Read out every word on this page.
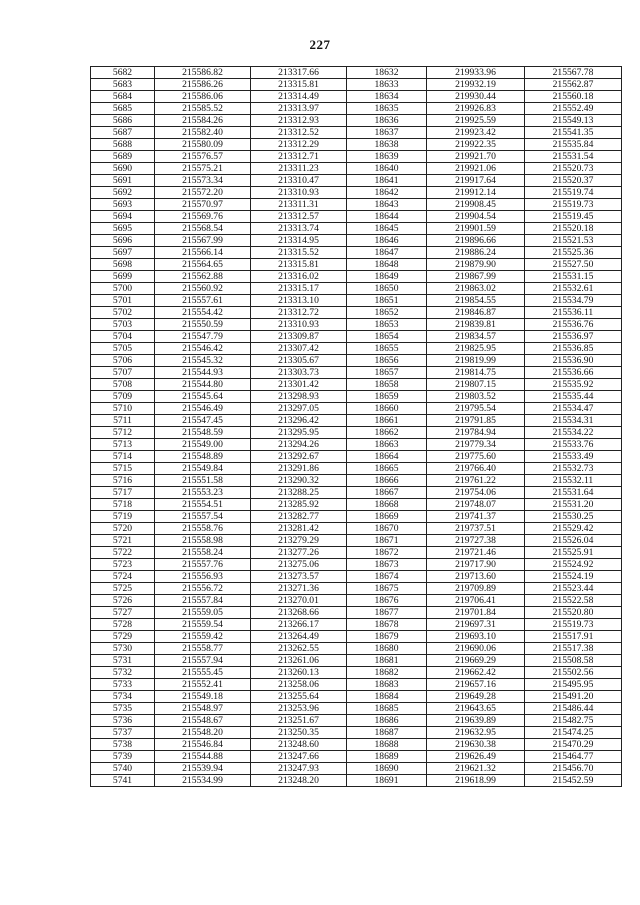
227
5682	215586.82	213317.66	18632	219933.96	215567.78
5683	215586.26	213315.81	18633	219932.19	215562.87
5684	215586.06	213314.49	18634	219930.44	215560.18
5685	215585.52	213313.97	18635	219926.83	215552.49
5686	215584.26	213312.93	18636	219925.59	215549.13
5687	215582.40	213312.52	18637	219923.42	215541.35
5688	215580.09	213312.29	18638	219922.35	215535.84
5689	215576.57	213312.71	18639	219921.70	215531.54
5690	215575.21	213311.23	18640	219921.06	215520.73
5691	215573.34	213310.47	18641	219917.64	215520.37
5692	215572.20	213310.93	18642	219912.14	215519.74
5693	215570.97	213311.31	18643	219908.45	215519.73
5694	215569.76	213312.57	18644	219904.54	215519.45
5695	215568.54	213313.74	18645	219901.59	215520.18
5696	215567.99	213314.95	18646	219896.66	215521.53
5697	215566.14	213315.52	18647	219886.24	215525.36
5698	215564.65	213315.81	18648	219879.90	215527.50
5699	215562.88	213316.02	18649	219867.99	215531.15
5700	215560.92	213315.17	18650	219863.02	215532.61
5701	215557.61	213313.10	18651	219854.55	215534.79
5702	215554.42	213312.72	18652	219846.87	215536.11
5703	215550.59	213310.93	18653	219839.81	215536.76
5704	215547.79	213309.87	18654	219834.57	215536.97
5705	215546.42	213307.42	18655	219825.95	215536.85
5706	215545.32	213305.67	18656	219819.99	215536.90
5707	215544.93	213303.73	18657	219814.75	215536.66
5708	215544.80	213301.42	18658	219807.15	215535.92
5709	215545.64	213298.93	18659	219803.52	215535.44
5710	215546.49	213297.05	18660	219795.54	215534.47
5711	215547.45	213296.42	18661	219791.85	215534.31
5712	215548.59	213295.95	18662	219784.94	215534.22
5713	215549.00	213294.26	18663	219779.34	215533.76
5714	215548.89	213292.67	18664	219775.60	215533.49
5715	215549.84	213291.86	18665	219766.40	215532.73
5716	215551.58	213290.32	18666	219761.22	215532.11
5717	215553.23	213288.25	18667	219754.06	215531.64
5718	215554.51	213285.92	18668	219748.07	215531.20
5719	215557.54	213282.77	18669	219741.37	215530.25
5720	215558.76	213281.42	18670	219737.51	215529.42
5721	215558.98	213279.29	18671	219727.38	215526.04
5722	215558.24	213277.26	18672	219721.46	215525.91
5723	215557.76	213275.06	18673	219717.90	215524.92
5724	215556.93	213273.57	18674	219713.60	215524.19
5725	215556.72	213271.36	18675	219709.89	215523.44
5726	215557.84	213270.01	18676	219706.41	215522.58
5727	215559.05	213268.66	18677	219701.84	215520.80
5728	215559.54	213266.17	18678	219697.31	215519.73
5729	215559.42	213264.49	18679	219693.10	215517.91
5730	215558.77	213262.55	18680	219690.06	215517.38
5731	215557.94	213261.06	18681	219669.29	215508.58
5732	215555.45	213260.13	18682	219662.42	215502.56
5733	215552.41	213258.06	18683	219657.16	215495.95
5734	215549.18	213255.64	18684	219649.28	215491.20
5735	215548.97	213253.96	18685	219643.65	215486.44
5736	215548.67	213251.67	18686	219639.89	215482.75
5737	215548.20	213250.35	18687	219632.95	215474.25
5738	215546.84	213248.60	18688	219630.38	215470.29
5739	215544.88	213247.66	18689	219626.49	215464.77
5740	215539.94	213247.93	18690	219621.32	215456.70
5741	215534.99	213248.20	18691	219618.99	215452.59
